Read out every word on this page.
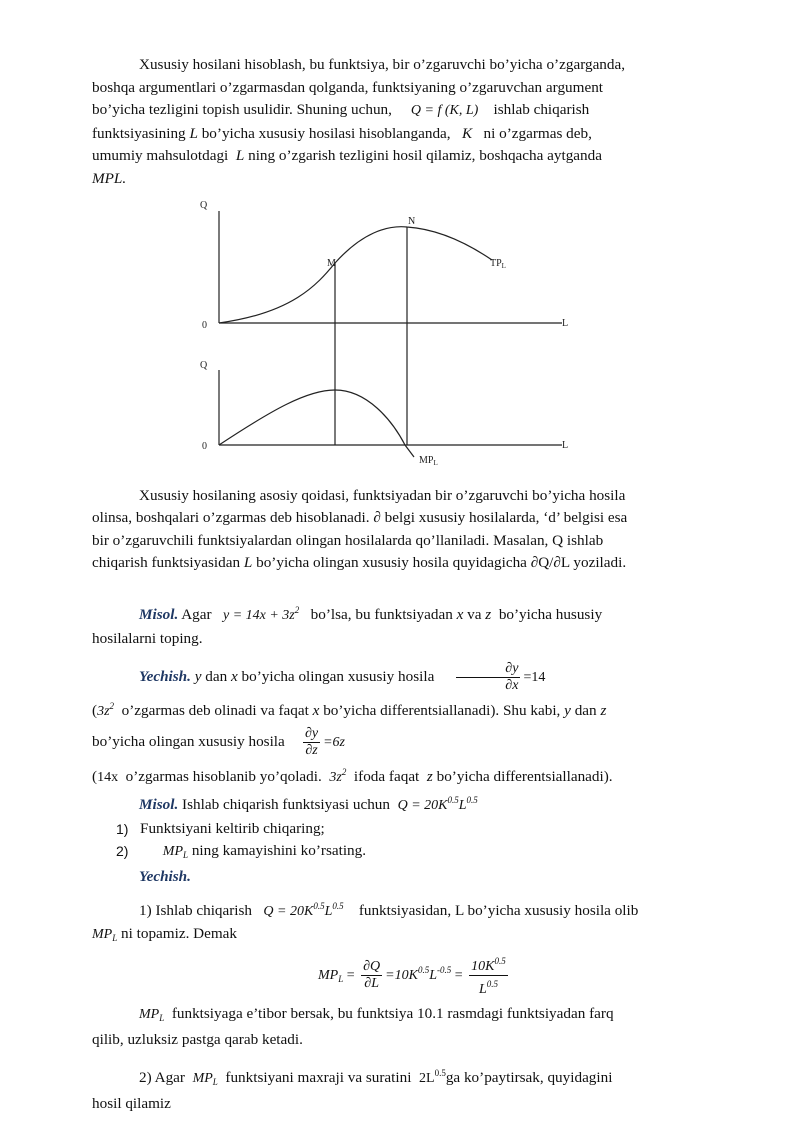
Xususiy hosilani hisoblash, bu funktsiya, bir o’zgaruvchi bo’yicha o’zgarganda,

boshqa argumentlari o’zgarmasdan qolganda, funktsiyaning o’zgaruvchan argument

bo’yicha tezligini topish usulidir. Shuning uchun, Q = f (K, L) ishlab chiqarish

funktsiyasining L bo’yicha xususiy hosilasi hisoblanganda, K ni o’zgarmas deb,

umumiy mahsulotdagi L ning o’zgarish tezligini hosil qilamiz, boshqacha aytganda

MPL.

Q
0	L
M
N
$TP_L$
Q
0	L
$MP_L$

Xususiy hosilaning asosiy qoidasi, funktsiyadan bir o’zgaruvchi bo’yicha hosila

olinsa, boshqalari o’zgarmas deb hisoblanadi. ∂ belgi xususiy hosilalarda, ‘d’ belgisi esa

bir o’zgaruvchili funktsiyalardan olingan hosilalarda qo’llaniladi. Masalan, Q ishlab

chiqarish funktsiyasidan L bo’yicha olingan xususiy hosila quyidagicha ∂Q/∂L yoziladi.

Misol. Agar $y = 14x + 3z^2$ bo’lsa, bu funktsiyadan x va z bo’yicha hususiy

hosilalarni toping.

Yechish. y dan x bo’yicha olingan xususiy hosila $\frac{\partial y}{\partial x} =14$

($3z^2$ o’zgarmas deb olinadi va faqat x bo’yicha differentsiallanadi). Shu kabi, y dan z

bo’yicha olingan xususiy hosila $\frac{\partial y}{\partial z} =6z$

(14x o’zgarmas hisoblanib yo’qoladi. $3z^2$ ifoda faqat z bo’yicha differentsiallanadi).

Misol. Ishlab chiqarish funktsiyasi uchun $Q = 20K^{0.5}L^{0.5}$

1) Funktsiyani keltirib chiqaring;
2) $MP_L$ ning kamayishini ko’rsating.

Yechish.

1) Ishlab chiqarish $Q = 20K^{0.5}L^{0.5}$ funktsiyasidan, L bo’yicha xususiy hosila olib

$MP_L$ ni topamiz. Demak

$MP_L = \frac{\partial Q}{\partial L} =10K^{0.5}L^{-0.5} = \frac{10K^{0.5}}{L^{0.5}}$

$MP_L$ funktsiyaga e’tibor bersak, bu funktsiya 10.1 rasmdagi funktsiyadan farq

qilib, uzluksiz pastga qarab ketadi.

2) Agar $MP_L$ funktsiyani maxraji va suratini $2L^{0.5}ga$ ko’paytirsak, quyidagini

hosil qilamiz
